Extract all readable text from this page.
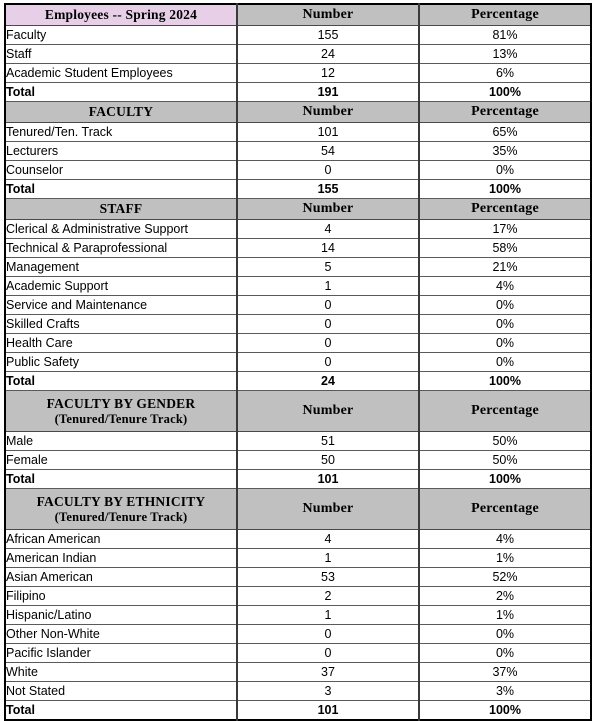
Employees -- Spring 2024	Number	Percentage
Faculty	155	81%
Staff	24	13%
Academic Student Employees	12	6%
Total	191	100%

FACULTY	Number	Percentage
Tenured/Ten. Track	101	65%
Lecturers	54	35%
Counselor	0	0%
Total	155	100%

STAFF	Number	Percentage
Clerical & Administrative Support	4	17%
Technical & Paraprofessional	14	58%
Management	5	21%
Academic Support	1	4%
Service and Maintenance	0	0%
Skilled Crafts	0	0%
Health Care	0	0%
Public Safety	0	0%
Total	24	100%

FACULTY BY GENDER
(Tenured/Tenure Track)	Number	Percentage
Male	51	50%
Female	50	50%
Total	101	100%

FACULTY BY ETHNICITY
(Tenured/Tenure Track)	Number	Percentage
African American	4	4%
American Indian	1	1%
Asian American	53	52%
Filipino	2	2%
Hispanic/Latino	1	1%
Other Non-White	0	0%
Pacific Islander	0	0%
White	37	37%
Not Stated	3	3%
Total	101	100%
